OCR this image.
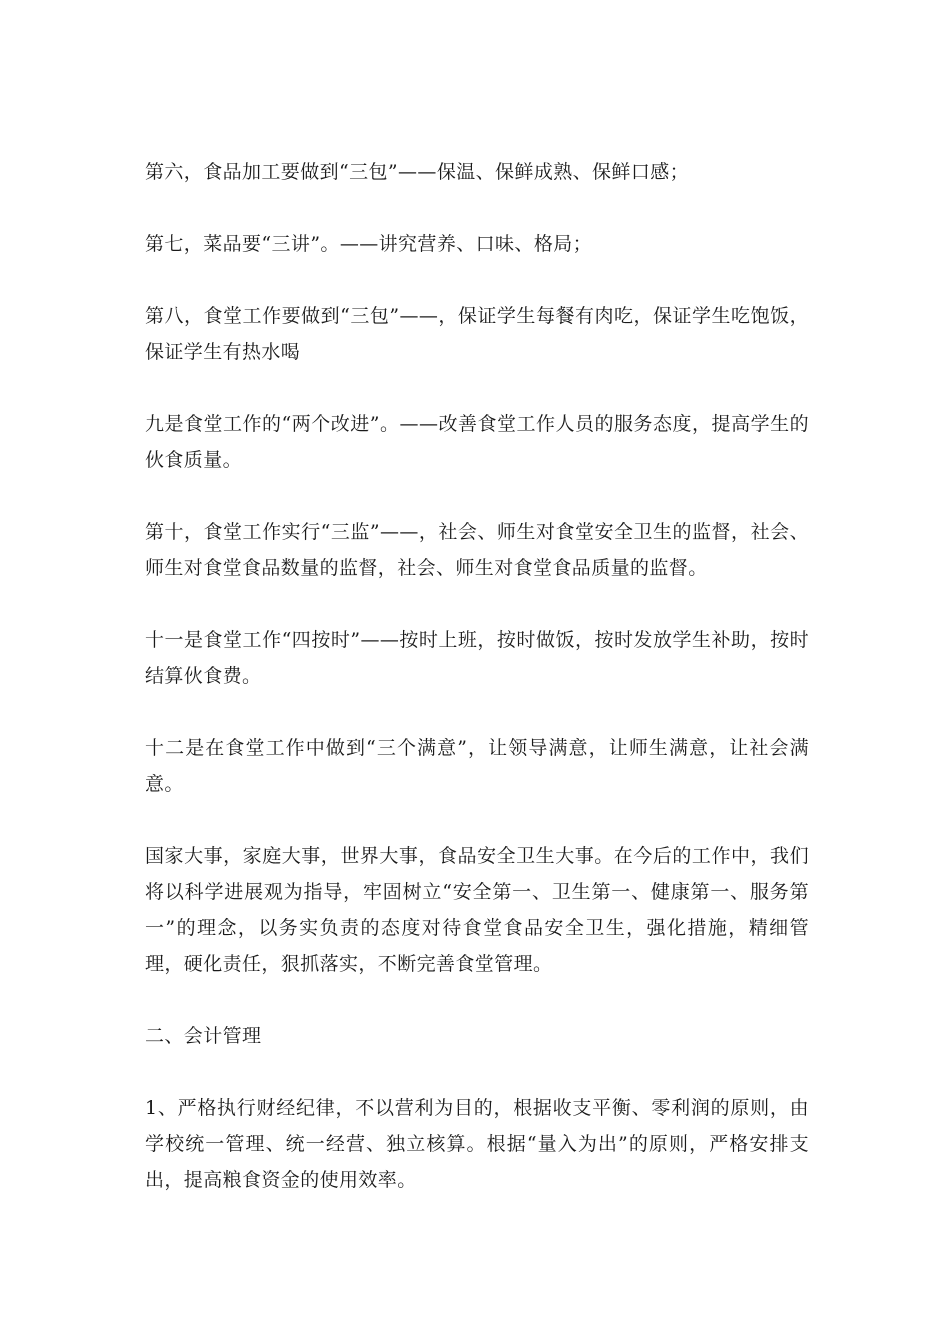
第六，食品加工要做到“三包”——保温、保鲜成熟、保鲜口感；

第七，菜品要“三讲”。——讲究营养、口味、格局；

第八，食堂工作要做到“三包”——，保证学生每餐有肉吃，保证学生吃饱饭，保证学生有热水喝

九是食堂工作的“两个改进”。——改善食堂工作人员的服务态度，提高学生的伙食质量。

第十，食堂工作实行“三监”——，社会、师生对食堂安全卫生的监督，社会、师生对食堂食品数量的监督，社会、师生对食堂食品质量的监督。

十一是食堂工作“四按时”——按时上班，按时做饭，按时发放学生补助，按时结算伙食费。

十二是在食堂工作中做到“三个满意”，让领导满意，让师生满意，让社会满意。

国家大事，家庭大事，世界大事，食品安全卫生大事。在今后的工作中，我们将以科学进展观为指导，牢固树立“安全第一、卫生第一、健康第一、服务第一”的理念，以务实负责的态度对待食堂食品安全卫生，强化措施，精细管理，硬化责任，狠抓落实，不断完善食堂管理。

二、会计管理

1、严格执行财经纪律，不以营利为目的，根据收支平衡、零利润的原则，由学校统一管理、统一经营、独立核算。根据“量入为出”的原则，严格安排支出，提高粮食资金的使用效率。
